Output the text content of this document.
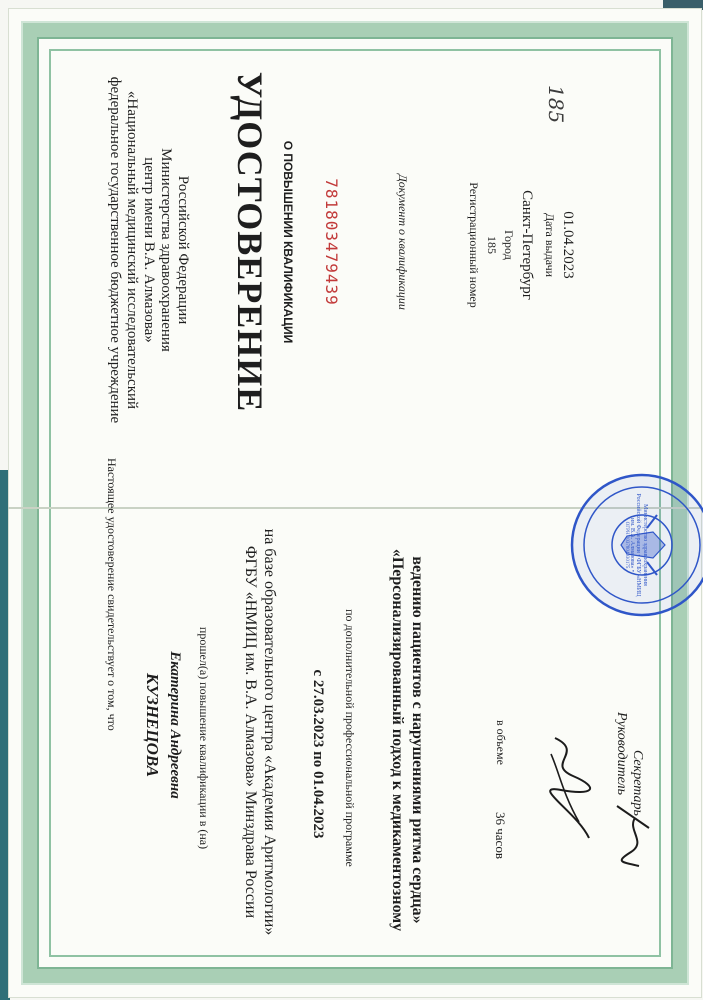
федеральное государственное бюджетное учреждение «Национальный медицинский исследовательский центр имени В.А. Алмазова» Министерства здравоохранения Российской Федерации УДОСТОВЕРЕНИЕ О ПОВЫШЕНИИ КВАЛИФИКАЦИИ 781803479439	Документ о квалификации	Регистрационный номер 185 Город Санкт-Петербург Дата выдачи 01.04.2023
185
Настоящее удостоверение свидетельствует о том, что КУЗНЕЦОВА Екатерина Андреевна прошел(а) повышение квалификации в (на) ФГБУ «НМИЦ им. В.А. Алмазова» Минздрава России на базе образовательного центра «Академия Аритмологии» с 27.03.2023 по 01.04.2023 по дополнительной профессиональной программе «Персонализированный подход к медикаментозному ведению пациентов с нарушениями ритма сердца»	в объеме
36 часов
Руководитель Секретарь
Министерство здравоохранения Российской Федерации • ФГБУ «НМИЦ им. В.А. Алмазова» •
ОГРН 1037804030175
